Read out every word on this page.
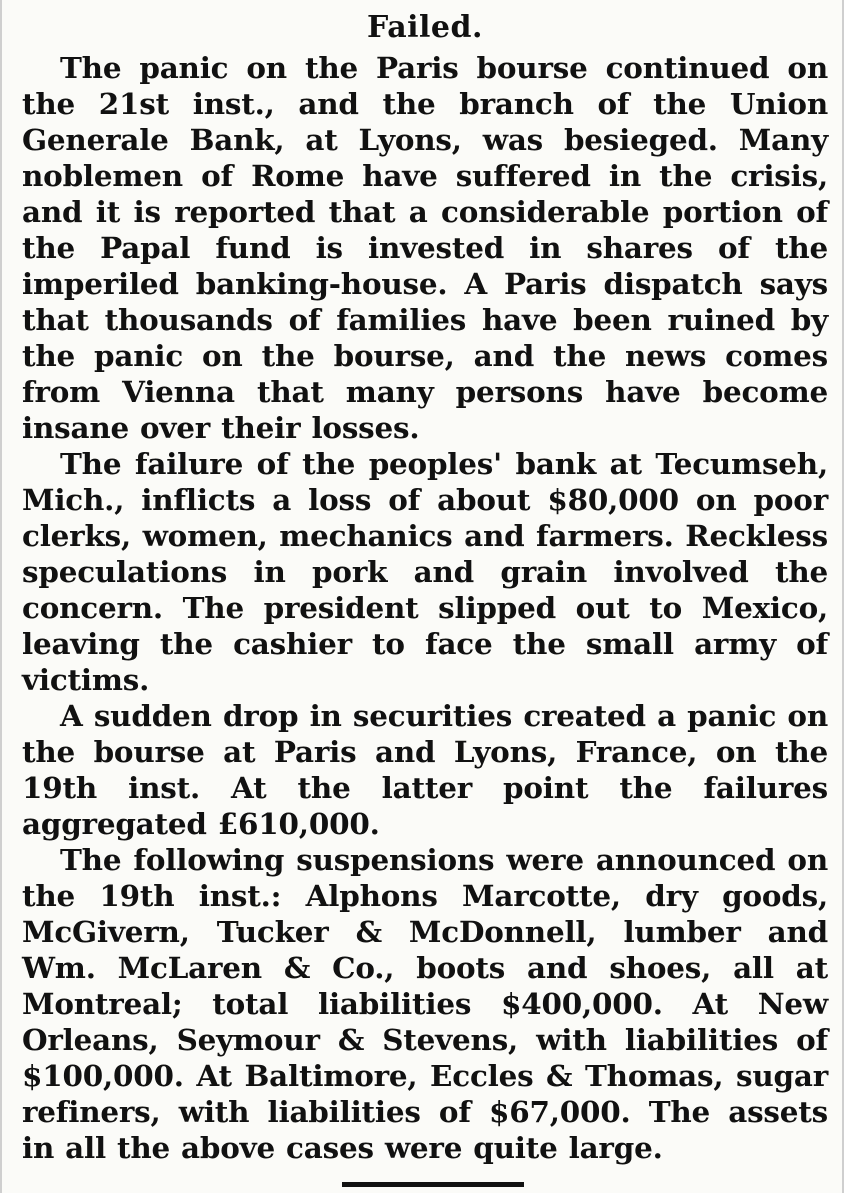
Failed.

The panic on the Paris bourse continued on the 21st inst., and the branch of the Union Generale Bank, at Lyons, was besieged. Many noblemen of Rome have suffered in the crisis, and it is reported that a considerable portion of the Papal fund is invested in shares of the imperiled banking-house. A Paris dispatch says that thousands of families have been ruined by the panic on the bourse, and the news comes from Vienna that many persons have become insane over their losses.

The failure of the peoples' bank at Tecumseh, Mich., inflicts a loss of about $80,000 on poor clerks, women, mechanics and farmers. Reckless speculations in pork and grain involved the concern. The president slipped out to Mexico, leaving the cashier to face the small army of victims.

A sudden drop in securities created a panic on the bourse at Paris and Lyons, France, on the 19th inst. At the latter point the failures aggregated £610,000.

The following suspensions were announced on the 19th inst.: Alphons Marcotte, dry goods, McGivern, Tucker & McDonnell, lumber and Wm. McLaren & Co., boots and shoes, all at Montreal; total liabilities $400,000. At New Orleans, Seymour & Stevens, with liabilities of $100,000. At Baltimore, Eccles & Thomas, sugar refiners, with liabilities of $67,000. The assets in all the above cases were quite large.
